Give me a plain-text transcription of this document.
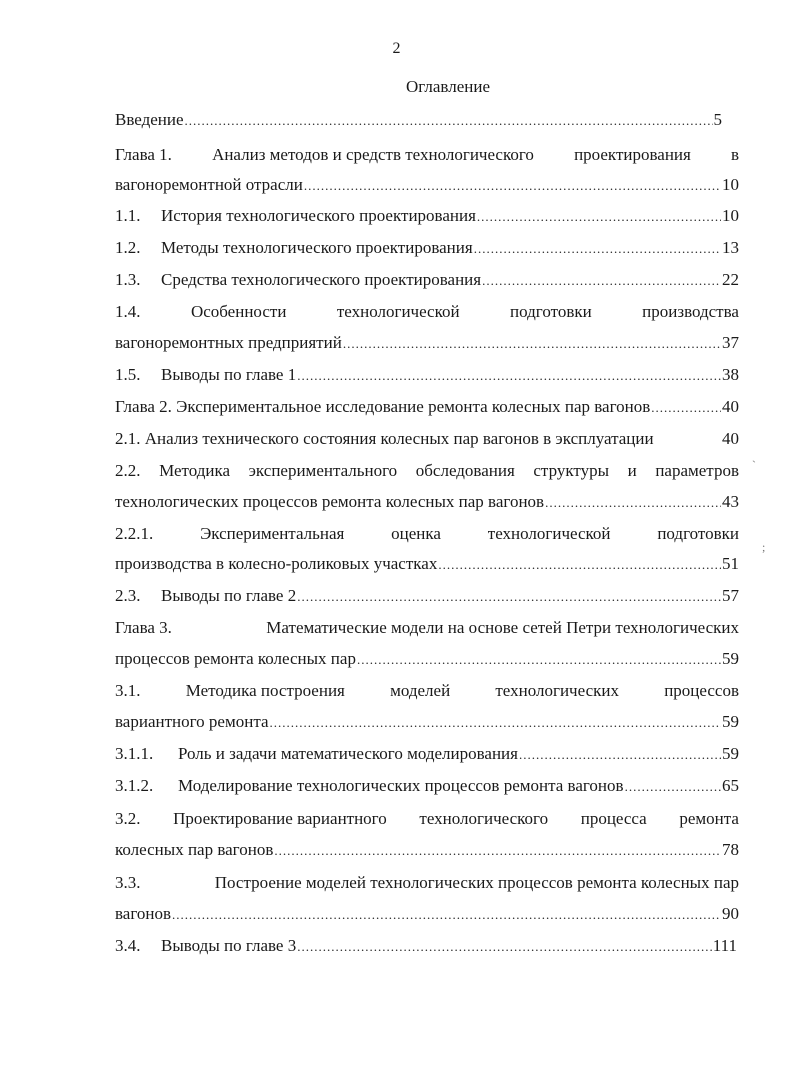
2
Оглавление
Введение .....	5
Глава 1. Анализ методов и средств технологического проектирования в
вагоноремонтной отрасли .....	10
1.1. История технологического проектирования .....	10
1.2. Методы технологического проектирования .....	13
1.3. Средства технологического проектирования .....	22
1.4.	Особенности	технологической	подготовки	производства
вагоноремонтных предприятий .....	37
1.5. Выводы по главе 1 .....	38
Глава 2. Экспериментальное исследование ремонта колесных пар вагонов .....	40
2.1. Анализ технического состояния колесных пар вагонов в эксплуатации	40
2.2. Методика экспериментального обследования структуры и параметров
технологических процессов ремонта колесных пар вагонов .....	43
2.2.1.	Экспериментальная	оценка	технологической	подготовки
производства в колесно-роликовых участках .....	51
2.3. Выводы по главе 2 .....	57
Глава 3.	Математические модели на основе сетей Петри технологических
процессов ремонта колесных пар .....	59
3.1.	Методика построения	моделей	технологических	процессов
вариантного ремонта .....	59
3.1.1. Роль и задачи математического моделирования .....	59
3.1.2. Моделирование технологических процессов ремонта вагонов .....	65
3.2. Проектирование вариантного технологического процесса ремонта
колесных пар вагонов .....	78
3.3.	Построение моделей технологических процессов ремонта колесных пар
вагонов .....	90
3.4. Выводы по главе 3 .....	111
`
;
